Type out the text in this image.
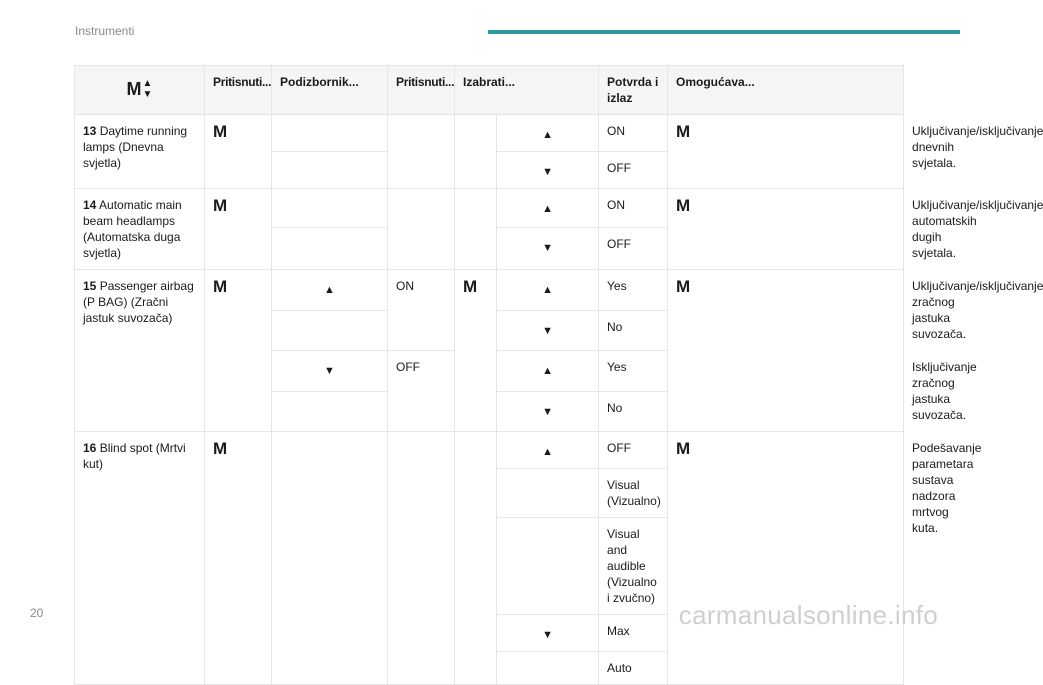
Instrumenti
M ▲
▼	Pritisnuti...	Podizbornik...	Pritisnuti...	Izabrati...		Potvrda i izlaz	Omogućava...	
13 Daytime running lamps (Dnevna svjetla)	M				▲	ON	M	Uključivanje/isključivanje dnevnih svjetala.

					▼	OFF		
14 Automatic main beam headlamps (Automatska duga svjetla)	M				▲	ON	M	Uključivanje/isključivanje automatskih dugih svjetala.

					▼	OFF		
15 Passenger airbag (P BAG) (Zračni jastuk suvozača)	M	▲	ON	M	▲	Yes	M	Uključivanje/isključivanje zračnog jastuka suvozača.

					▼	No		

		▼	OFF		▲	Yes		Isključivanje zračnog jastuka suvozača.

					▼	No		
16 Blind spot (Mrtvi kut)	M				▲	OFF	M	Podešavanje parametara sustava nadzora mrtvog kuta.
						Visual (Vizualno)		
						Visual and audible (Vizualno i zvučno)		

					▼	Max		
						Auto		
20	carmanualsonline.info
